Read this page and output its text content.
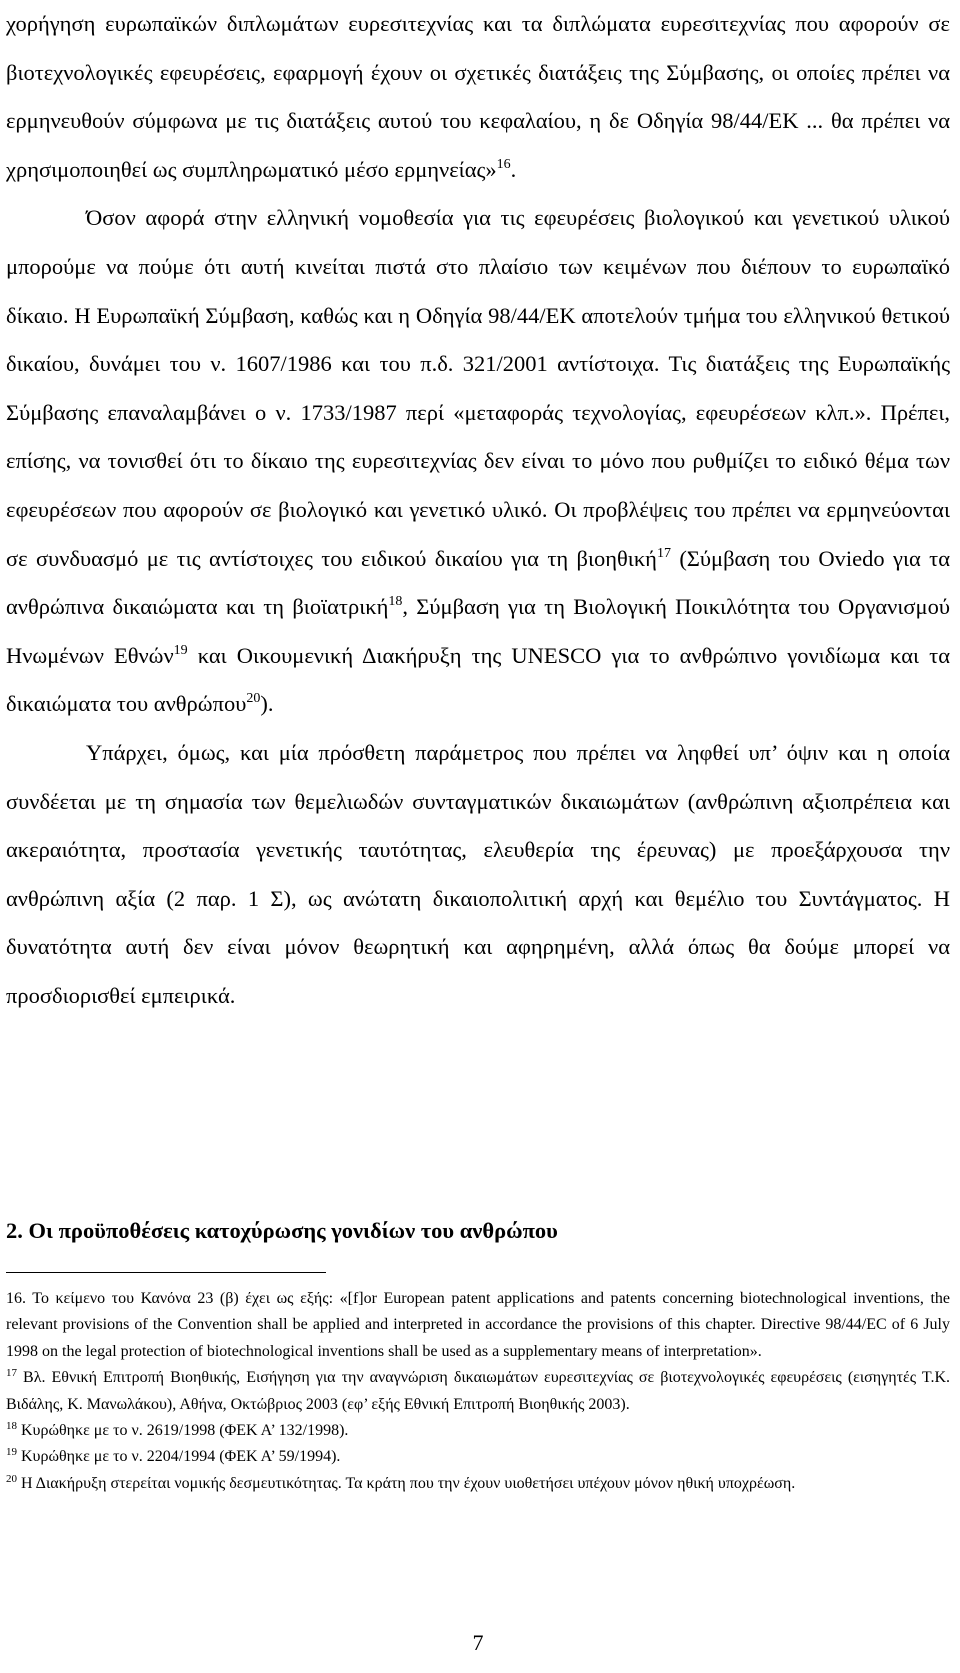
χορήγηση ευρωπαϊκών διπλωμάτων ευρεσιτεχνίας και τα διπλώματα ευρεσιτεχνίας που αφορούν σε βιοτεχνολογικές εφευρέσεις, εφαρμογή έχουν οι σχετικές διατάξεις της Σύμβασης, οι οποίες πρέπει να ερμηνευθούν σύμφωνα με τις διατάξεις αυτού του κεφαλαίου, η δε Οδηγία 98/44/ΕΚ ... θα πρέπει να χρησιμοποιηθεί ως συμπληρωματικό μέσο ερμηνείας»$^{16}$.
Όσον αφορά στην ελληνική νομοθεσία για τις εφευρέσεις βιολογικού και γενετικού υλικού μπορούμε να πούμε ότι αυτή κινείται πιστά στο πλαίσιο των κειμένων που διέπουν το ευρωπαϊκό δίκαιο. Η Ευρωπαϊκή Σύμβαση, καθώς και η Οδηγία 98/44/ΕΚ αποτελούν τμήμα του ελληνικού θετικού δικαίου, δυνάμει του ν. 1607/1986 και του π.δ. 321/2001 αντίστοιχα. Τις διατάξεις της Ευρωπαϊκής Σύμβασης επαναλαμβάνει ο ν. 1733/1987 περί «μεταφοράς τεχνολογίας, εφευρέσεων κλπ.». Πρέπει, επίσης, να τονισθεί ότι το δίκαιο της ευρεσιτεχνίας δεν είναι το μόνο που ρυθμίζει το ειδικό θέμα των εφευρέσεων που αφορούν σε βιολογικό και γενετικό υλικό. Οι προβλέψεις του πρέπει να ερμηνεύονται σε συνδυασμό με τις αντίστοιχες του ειδικού δικαίου για τη βιοηθική$^{17}$ (Σύμβαση του Oviedo για τα ανθρώπινα δικαιώματα και τη βιοϊατρική$^{18}$, Σύμβαση για τη Βιολογική Ποικιλότητα του Οργανισμού Ηνωμένων Εθνών$^{19}$ και Οικουμενική Διακήρυξη της UNESCO για το ανθρώπινο γονιδίωμα και τα δικαιώματα του ανθρώπου$^{20}$).

Υπάρχει, όμως, και μία πρόσθετη παράμετρος που πρέπει να ληφθεί υπ’ όψιν και η οποία συνδέεται με τη σημασία των θεμελιωδών συνταγματικών δικαιωμάτων (ανθρώπινη αξιοπρέπεια και ακεραιότητα, προστασία γενετικής ταυτότητας, ελευθερία της έρευνας) με προεξάρχουσα την ανθρώπινη αξία (2 παρ. 1 Σ), ως ανώτατη δικαιοπολιτική αρχή και θεμέλιο του Συντάγματος. Η δυνατότητα αυτή δεν είναι μόνον θεωρητική και αφηρημένη, αλλά όπως θα δούμε μπορεί να προσδιορισθεί εμπειρικά.

2. Οι προϋποθέσεις κατοχύρωσης γονιδίων του ανθρώπου

16. Το κείμενο του Κανόνα 23 (β) έχει ως εξής: «[f]or European patent applications and patents concerning biotechnological inventions, the relevant provisions of the Convention shall be applied and interpreted in accordance the provisions of this chapter. Directive 98/44/EC of 6 July 1998 on the legal protection of biotechnological inventions shall be used as a supplementary means of interpretation».

$^{17}$ Βλ. Εθνική Επιτροπή Βιοηθικής, Εισήγηση για την αναγνώριση δικαιωμάτων ευρεσιτεχνίας σε βιοτεχνολογικές εφευρέσεις (εισηγητές Τ.Κ. Βιδάλης, Κ. Μανωλάκου), Αθήνα, Οκτώβριος 2003 (εφ’ εξής Εθνική Επιτροπή Βιοηθικής 2003).

$^{18}$ Κυρώθηκε με το ν. 2619/1998 (ΦΕΚ Α’ 132/1998).

$^{19}$ Κυρώθηκε με το ν. 2204/1994 (ΦΕΚ Α’ 59/1994).

$^{20}$ Η Διακήρυξη στερείται νομικής δεσμευτικότητας. Τα κράτη που την έχουν υιοθετήσει υπέχουν μόνον ηθική υποχρέωση.

7
